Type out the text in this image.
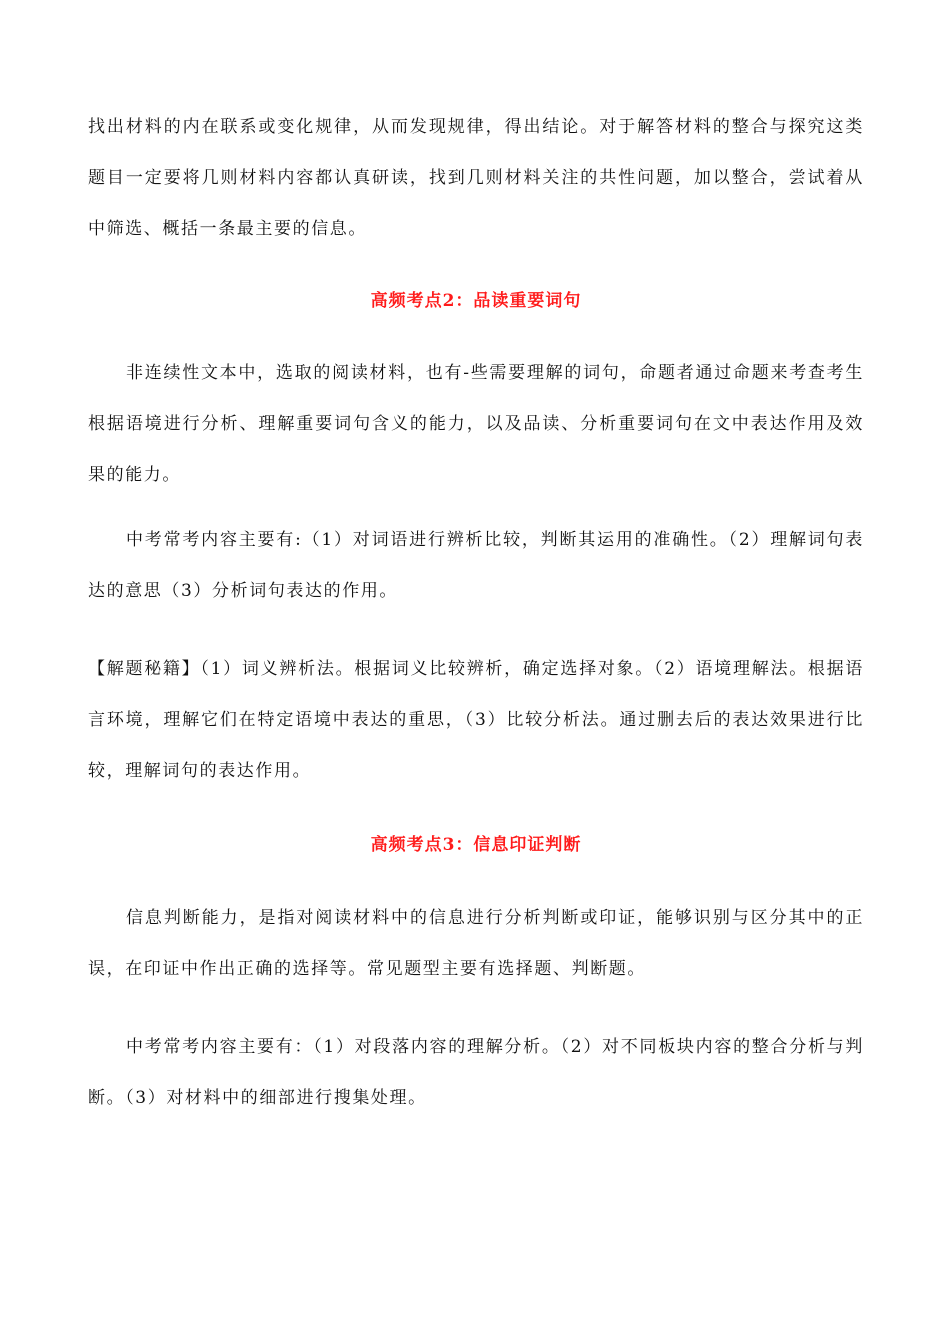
找出材料的内在联系或变化规律，从而发现规律，得出结论。对于解答材料的整合与探究这类题目一定要将几则材料内容都认真研读，找到几则材料关注的共性问题，加以整合，尝试着从中筛选、概括一条最主要的信息。

高频考点2：品读重要词句

非连续性文本中，选取的阅读材料，也有-些需要理解的词句，命题者通过命题来考查考生根据语境进行分析、理解重要词句含义的能力，以及品读、分析重要词句在文中表达作用及效果的能力。

中考常考内容主要有:（1）对词语进行辨析比较，判断其运用的准确性。（2）理解词句表达的意思（3）分析词句表达的作用。

【解题秘籍】（1）词义辨析法。根据词义比较辨析，确定选择对象。（2）语境理解法。根据语言环境，理解它们在特定语境中表达的重思，（3）比较分析法。通过删去后的表达效果进行比较，理解词句的表达作用。

高频考点3：信息印证判断

信息判断能力，是指对阅读材料中的信息进行分析判断或印证，能够识别与区分其中的正误，在印证中作出正确的选择等。常见题型主要有选择题、判断题。

中考常考内容主要有：（1）对段落内容的理解分析。（2）对不同板块内容的整合分析与判断。（3）对材料中的细部进行搜集处理。
